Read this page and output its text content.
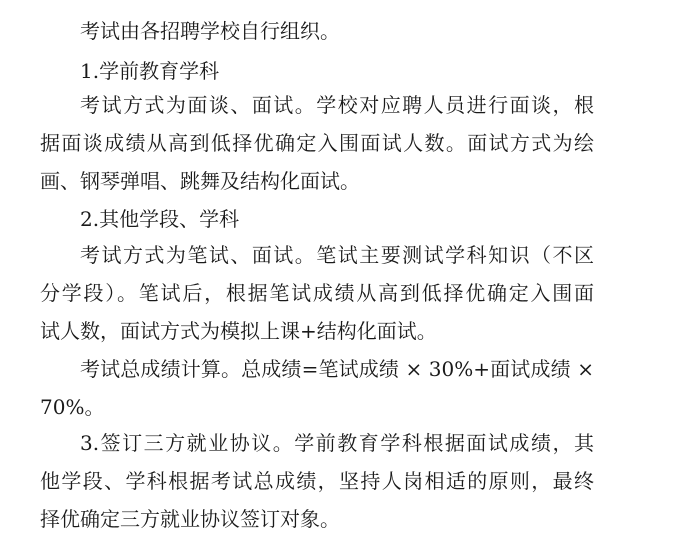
考试由各招聘学校自行组织。
1.学前教育学科
考试方式为面谈、面试。学校对应聘人员进行面谈，根
据面谈成绩从高到低择优确定入围面试人数。面试方式为绘
画、钢琴弹唱、跳舞及结构化面试。
2.其他学段、学科
考试方式为笔试、面试。笔试主要测试学科知识（不区
分学段）。笔试后，根据笔试成绩从高到低择优确定入围面
试人数，面试方式为模拟上课+结构化面试。
考试总成绩计算。总成绩=笔试成绩 × 30%+面试成绩 ×
70%。
3.签订三方就业协议。学前教育学科根据面试成绩，其
他学段、学科根据考试总成绩，坚持人岗相适的原则，最终
择优确定三方就业协议签订对象。
